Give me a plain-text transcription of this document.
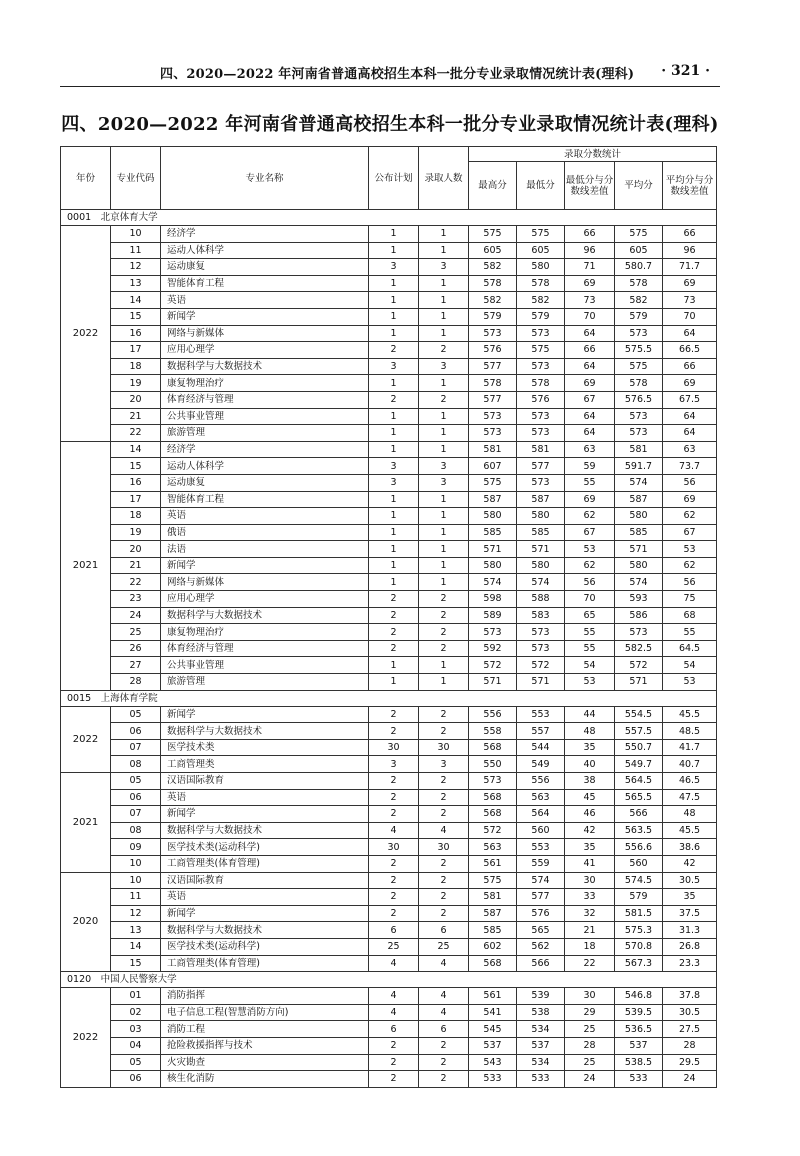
四、2020—2022 年河南省普通高校招生本科一批分专业录取情况统计表(理科) · 321 ·
四、2020—2022 年河南省普通高校招生本科一批分专业录取情况统计表(理科)
年份	专业代码	专业名称	公布计划	录取人数	录取分数统计				
					最高分	最低分	最低分与分数线差值	平均分	平均分与分数线差值
0001　北京体育大学									
2022	10	经济学	1	1	575	575	66	575	66
	11	运动人体科学	1	1	605	605	96	605	96
	12	运动康复	3	3	582	580	71	580.7	71.7
	13	智能体育工程	1	1	578	578	69	578	69
	14	英语	1	1	582	582	73	582	73
	15	新闻学	1	1	579	579	70	579	70
	16	网络与新媒体	1	1	573	573	64	573	64
	17	应用心理学	2	2	576	575	66	575.5	66.5
	18	数据科学与大数据技术	3	3	577	573	64	575	66
	19	康复物理治疗	1	1	578	578	69	578	69
	20	体育经济与管理	2	2	577	576	67	576.5	67.5
	21	公共事业管理	1	1	573	573	64	573	64
	22	旅游管理	1	1	573	573	64	573	64
2021	14	经济学	1	1	581	581	63	581	63
	15	运动人体科学	3	3	607	577	59	591.7	73.7
	16	运动康复	3	3	575	573	55	574	56
	17	智能体育工程	1	1	587	587	69	587	69
	18	英语	1	1	580	580	62	580	62
	19	俄语	1	1	585	585	67	585	67
	20	法语	1	1	571	571	53	571	53
	21	新闻学	1	1	580	580	62	580	62
	22	网络与新媒体	1	1	574	574	56	574	56
	23	应用心理学	2	2	598	588	70	593	75
	24	数据科学与大数据技术	2	2	589	583	65	586	68
	25	康复物理治疗	2	2	573	573	55	573	55
	26	体育经济与管理	2	2	592	573	55	582.5	64.5
	27	公共事业管理	1	1	572	572	54	572	54
	28	旅游管理	1	1	571	571	53	571	53
0015　上海体育学院									
2022	05	新闻学	2	2	556	553	44	554.5	45.5
	06	数据科学与大数据技术	2	2	558	557	48	557.5	48.5
	07	医学技术类	30	30	568	544	35	550.7	41.7
	08	工商管理类	3	3	550	549	40	549.7	40.7
2021	05	汉语国际教育	2	2	573	556	38	564.5	46.5
	06	英语	2	2	568	563	45	565.5	47.5
	07	新闻学	2	2	568	564	46	566	48
	08	数据科学与大数据技术	4	4	572	560	42	563.5	45.5
	09	医学技术类(运动科学)	30	30	563	553	35	556.6	38.6
	10	工商管理类(体育管理)	2	2	561	559	41	560	42
2020	10	汉语国际教育	2	2	575	574	30	574.5	30.5
	11	英语	2	2	581	577	33	579	35
	12	新闻学	2	2	587	576	32	581.5	37.5
	13	数据科学与大数据技术	6	6	585	565	21	575.3	31.3
	14	医学技术类(运动科学)	25	25	602	562	18	570.8	26.8
	15	工商管理类(体育管理)	4	4	568	566	22	567.3	23.3
0120　中国人民警察大学									
2022	01	消防指挥	4	4	561	539	30	546.8	37.8
	02	电子信息工程(智慧消防方向)	4	4	541	538	29	539.5	30.5
	03	消防工程	6	6	545	534	25	536.5	27.5
	04	抢险救援指挥与技术	2	2	537	537	28	537	28
	05	火灾勘查	2	2	543	534	25	538.5	29.5
	06	核生化消防	2	2	533	533	24	533	24
